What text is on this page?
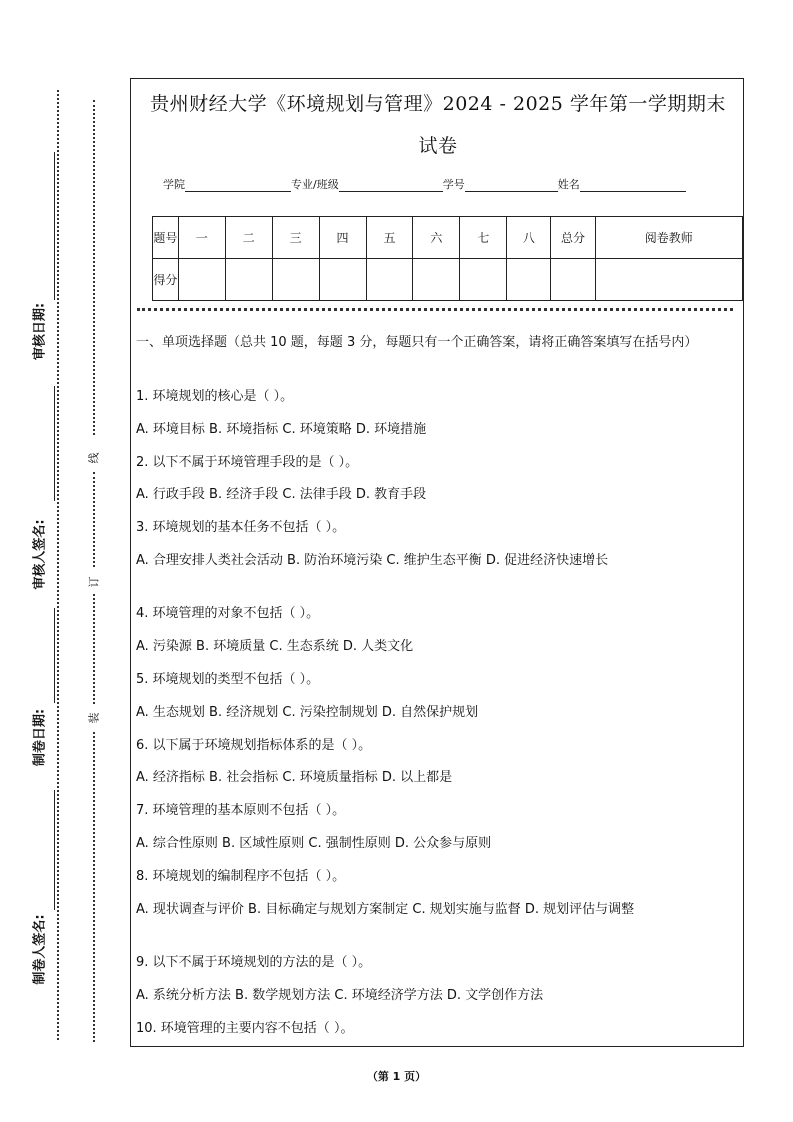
审核日期:
审核人签名:
制卷日期:
制卷人签名:
线
订
装
贵州财经大学《环境规划与管理》2024 - 2025 学年第一学期期末
试卷
学院	专业/班级	学号	姓名
题号	一	二	三	四	五	六	七	八	总分	阅卷教师
得分										
一、单项选择题（总共 10 题，每题 3 分，每题只有一个正确答案，请将正确答案填写在括号内）
1. 环境规划的核心是（ ）。
A. 环境目标 B. 环境指标 C. 环境策略 D. 环境措施
2. 以下不属于环境管理手段的是（ ）。
A. 行政手段 B. 经济手段 C. 法律手段 D. 教育手段
3. 环境规划的基本任务不包括（ ）。
A. 合理安排人类社会活动 B. 防治环境污染 C. 维护生态平衡 D. 促进经济快速增长
4. 环境管理的对象不包括（ ）。
A. 污染源 B. 环境质量 C. 生态系统 D. 人类文化
5. 环境规划的类型不包括（ ）。
A. 生态规划 B. 经济规划 C. 污染控制规划 D. 自然保护规划
6. 以下属于环境规划指标体系的是（ ）。
A. 经济指标 B. 社会指标 C. 环境质量指标 D. 以上都是
7. 环境管理的基本原则不包括（ ）。
A. 综合性原则 B. 区域性原则 C. 强制性原则 D. 公众参与原则
8. 环境规划的编制程序不包括（ ）。
A. 现状调查与评价 B. 目标确定与规划方案制定 C. 规划实施与监督 D. 规划评估与调整
9. 以下不属于环境规划的方法的是（ ）。
A. 系统分析方法 B. 数学规划方法 C. 环境经济学方法 D. 文学创作方法
10. 环境管理的主要内容不包括（ ）。
（第 1 页）
